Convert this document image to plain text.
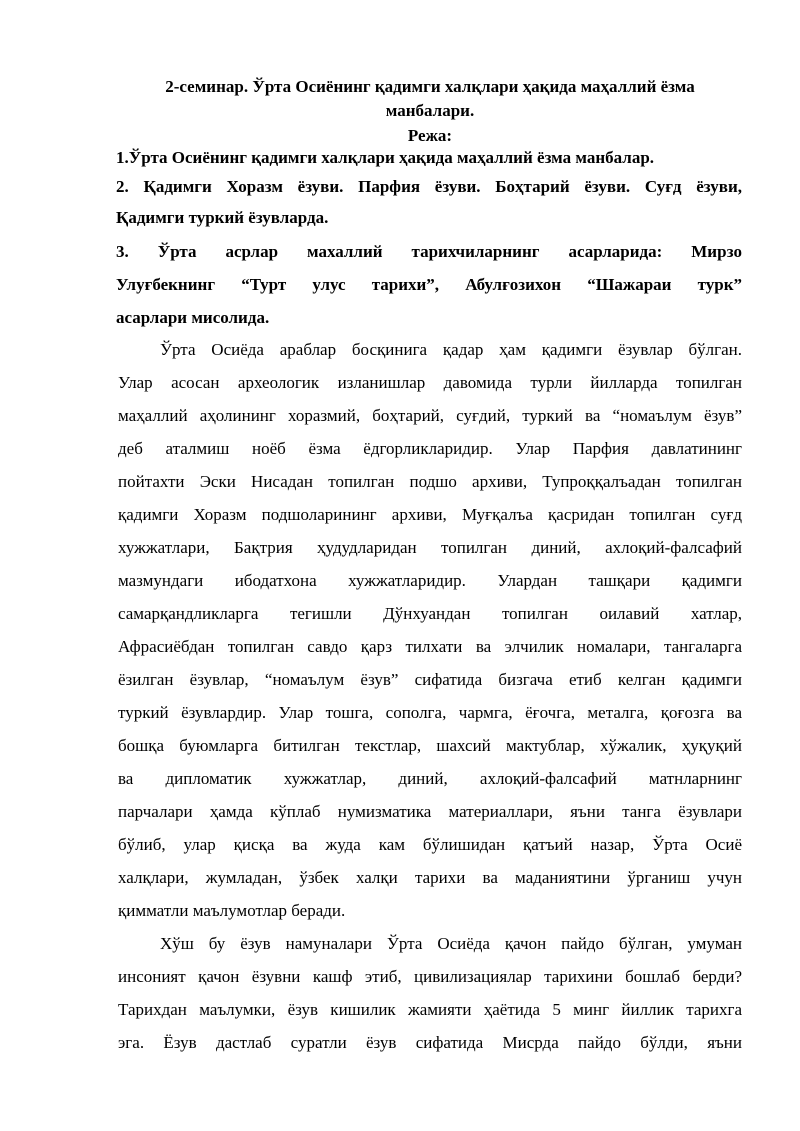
2-семинар. Ўрта Осиёнинг қадимги халқлари ҳақида маҳаллий ёзма

манбалари.

Режа:

1.Ўрта Осиёнинг қадимги халқлари ҳақида маҳаллий ёзма манбалар.

2. Қадимги Хоразм ёзуви. Парфия ёзуви. Боҳтарий ёзуви. Суғд ёзуви,

Қадимги туркий ёзувларда.

3. Ўрта асрлар махаллий тарихчиларнинг асарларида: Мирзо

Улуғбекнинг “Турт улус тарихи”, Абулғозихон “Шажараи турк”

асарлари мисолида.

Ўрта Осиёда араблар босқинига қадар ҳам қадимги ёзувлар бўлган.

Улар асосан археологик изланишлар давомида турли йилларда топилган

маҳаллий аҳолининг хоразмий, боҳтарий, суғдий, туркий ва “номаълум ёзув”

деб аталмиш ноёб ёзма ёдгорликларидир. Улар Парфия давлатининг

пойтахти Эски Нисадан топилган подшо архиви, Тупроққалъадан топилган

қадимги Хоразм подшоларининг архиви, Муғқалъа қасридан топилган суғд

хужжатлари, Бақтрия ҳудудларидан топилган диний, ахлоқий-фалсафий

мазмундаги ибодатхона хужжатларидир. Улардан ташқари қадимги

самарқандликларга тегишли Дўнхуандан топилган оилавий хатлар,

Афрасиёбдан топилган савдо қарз тилхати ва элчилик номалари, тангаларга

ёзилган ёзувлар, “номаълум ёзув” сифатида бизгача етиб келган қадимги

туркий ёзувлардир. Улар тошга, сополга, чармга, ёғочга, металга, қоғозга ва

бошқа буюмларга битилган текстлар, шахсий мактублар, хўжалик, ҳуқуқий

ва дипломатик хужжатлар, диний, ахлоқий-фалсафий матнларнинг

парчалари ҳамда кўплаб нумизматика материаллари, яъни танга ёзувлари

бўлиб, улар қисқа ва жуда кам бўлишидан қатъий назар, Ўрта Осиё

халқлари, жумладан, ўзбек халқи тарихи ва маданиятини ўрганиш учун

қимматли маълумотлар беради.

Хўш бу ёзув намуналари Ўрта Осиёда қачон пайдо бўлган, умуман

инсоният қачон ёзувни кашф этиб, цивилизациялар тарихини бошлаб берди?

Тарихдан маълумки, ёзув кишилик жамияти ҳаётида 5 минг йиллик тарихга

эга. Ёзув дастлаб суратли ёзув сифатида Мисрда пайдо бўлди, яъни
